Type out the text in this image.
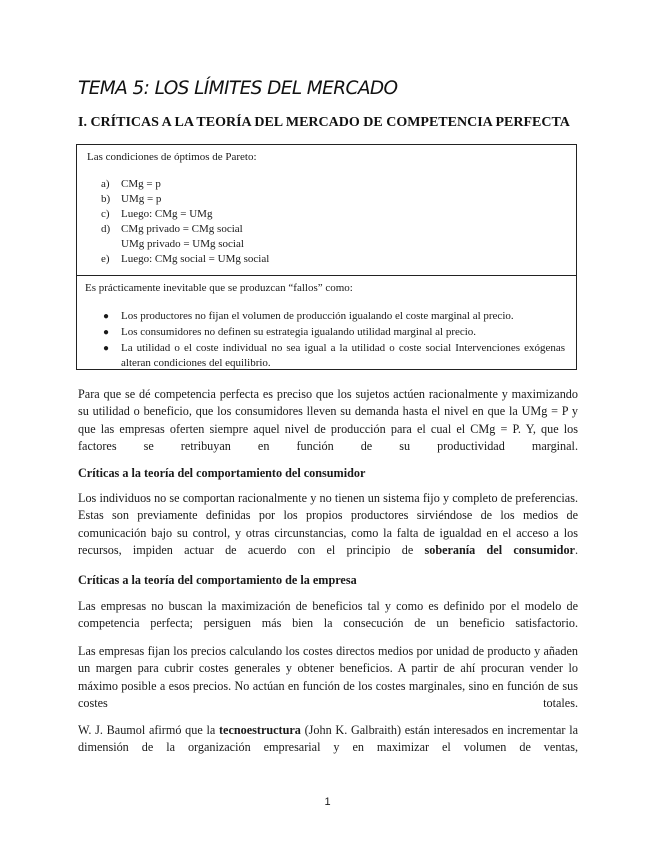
TEMA 5: LOS LÍMITES DEL MERCADO
I. CRÍTICAS A LA TEORÍA DEL MERCADO DE COMPETENCIA PERFECTA
Las condiciones de óptimos de Pareto:
a)	CMg = p
b) UMg = p
c)	Luego: CMg = UMg
d) CMg privado = CMg social
UMg privado = UMg social
e)	Luego: CMg social = UMg social
Es prácticamente inevitable que se produzcan “fallos” como:
● Los productores no fijan el volumen de producción igualando el coste marginal al precio.
● Los consumidores no definen su estrategia igualando utilidad marginal al precio.
● La utilidad o el coste individual no sea igual a la utilidad o coste social Intervenciones exógenas alteran condiciones del equilibrio.

Para que se dé competencia perfecta es preciso que los sujetos actúen racionalmente y maximizando su utilidad o beneficio, que los consumidores lleven su demanda hasta el nivel en que la UMg = P y que las empresas oferten siempre aquel nivel de producción para el cual el CMg = P. Y, que los factores se retribuyan en función de su productividad marginal.

Críticas a la teoría del comportamiento del consumidor

Los individuos no se comportan racionalmente y no tienen un sistema fijo y completo de preferencias. Estas son previamente definidas por los propios productores sirviéndose de los medios de comunicación bajo su control, y otras circunstancias, como la falta de igualdad en el acceso a los recursos, impiden actuar de acuerdo con el principio de soberanía del consumidor.

Críticas a la teoría del comportamiento de la empresa

Las empresas no buscan la maximización de beneficios tal y como es definido por el modelo de competencia perfecta; persiguen más bien la consecución de un beneficio satisfactorio.

Las empresas fijan los precios calculando los costes directos medios por unidad de producto y añaden un margen para cubrir costes generales y obtener beneficios. A partir de ahí procuran vender lo máximo posible a esos precios. No actúan en función de los costes marginales, sino en función de sus costes totales.

W. J. Baumol afirmó que la tecnoestructura (John K. Galbraith) están interesados en incrementar la dimensión de la organización empresarial y en maximizar el volumen de ventas,

1
